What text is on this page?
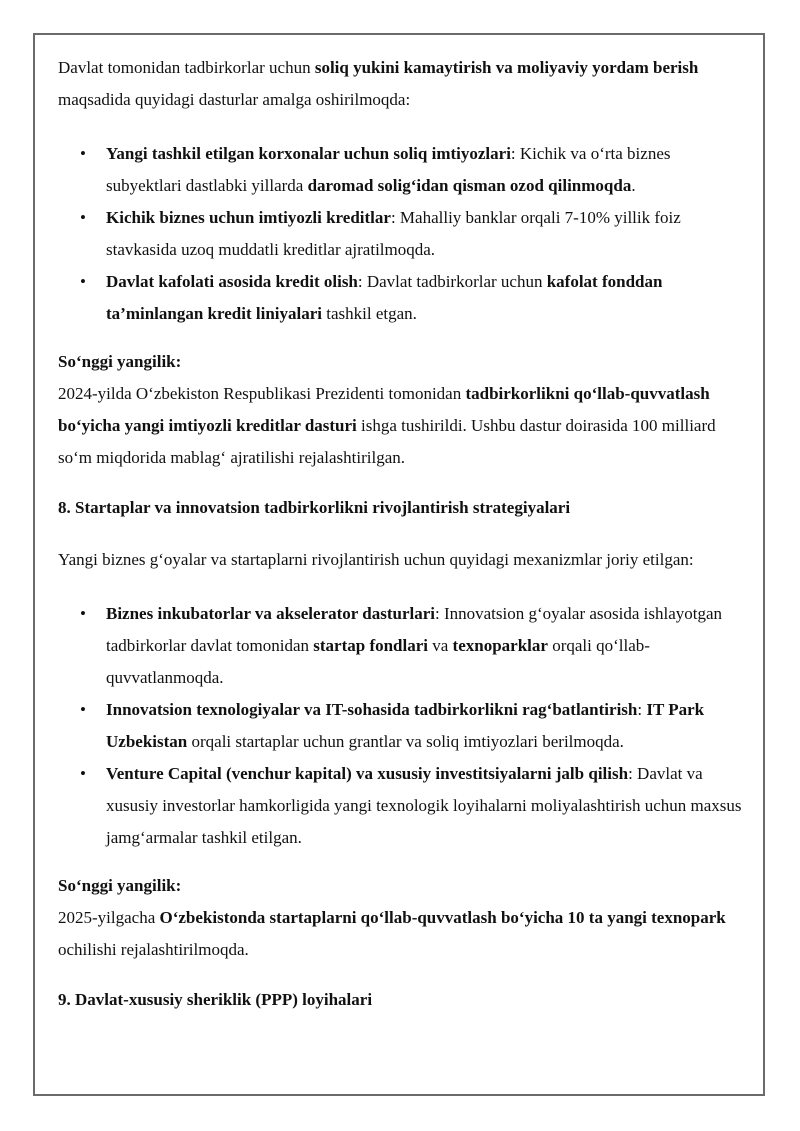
Davlat tomonidan tadbirkorlar uchun soliq yukini kamaytirish va moliyaviy yordam berish maqsadida quyidagi dasturlar amalga oshirilmoqda:

• Yangi tashkil etilgan korxonalar uchun soliq imtiyozlari: Kichik va o‘rta biznes subyektlari dastlabki yillarda daromad solig‘idan qisman ozod qilinmoqda.
• Kichik biznes uchun imtiyozli kreditlar: Mahalliy banklar orqali 7-10% yillik foiz stavkasida uzoq muddatli kreditlar ajratilmoqda.
• Davlat kafolati asosida kredit olish: Davlat tadbirkorlar uchun kafolat fonddan ta’minlangan kredit liniyalari tashkil etgan.

So‘nggi yangilik:

2024-yilda O‘zbekiston Respublikasi Prezidenti tomonidan tadbirkorlikni qo‘llab-quvvatlash bo‘yicha yangi imtiyozli kreditlar dasturi ishga tushirildi. Ushbu dastur doirasida 100 milliard so‘m miqdorida mablag‘ ajratilishi rejalashtirilgan.

8. Startaplar va innovatsion tadbirkorlikni rivojlantirish strategiyalari

Yangi biznes g‘oyalar va startaplarni rivojlantirish uchun quyidagi mexanizmlar joriy etilgan:

• Biznes inkubatorlar va akselerator dasturlari: Innovatsion g‘oyalar asosida ishlayotgan tadbirkorlar davlat tomonidan startap fondlari va texnoparklar orqali qo‘llab-quvvatlanmoqda.
• Innovatsion texnologiyalar va IT-sohasida tadbirkorlikni rag‘batlantirish: IT Park Uzbekistan orqali startaplar uchun grantlar va soliq imtiyozlari berilmoqda.
• Venture Capital (venchur kapital) va xususiy investitsiyalarni jalb qilish: Davlat va xususiy investorlar hamkorligida yangi texnologik loyihalarni moliyalashtirish uchun maxsus jamg‘armalar tashkil etilgan.

So‘nggi yangilik:

2025-yilgacha O‘zbekistonda startaplarni qo‘llab-quvvatlash bo‘yicha 10 ta yangi texnopark ochilishi rejalashtirilmoqda.

9. Davlat-xususiy sheriklik (PPP) loyihalari
